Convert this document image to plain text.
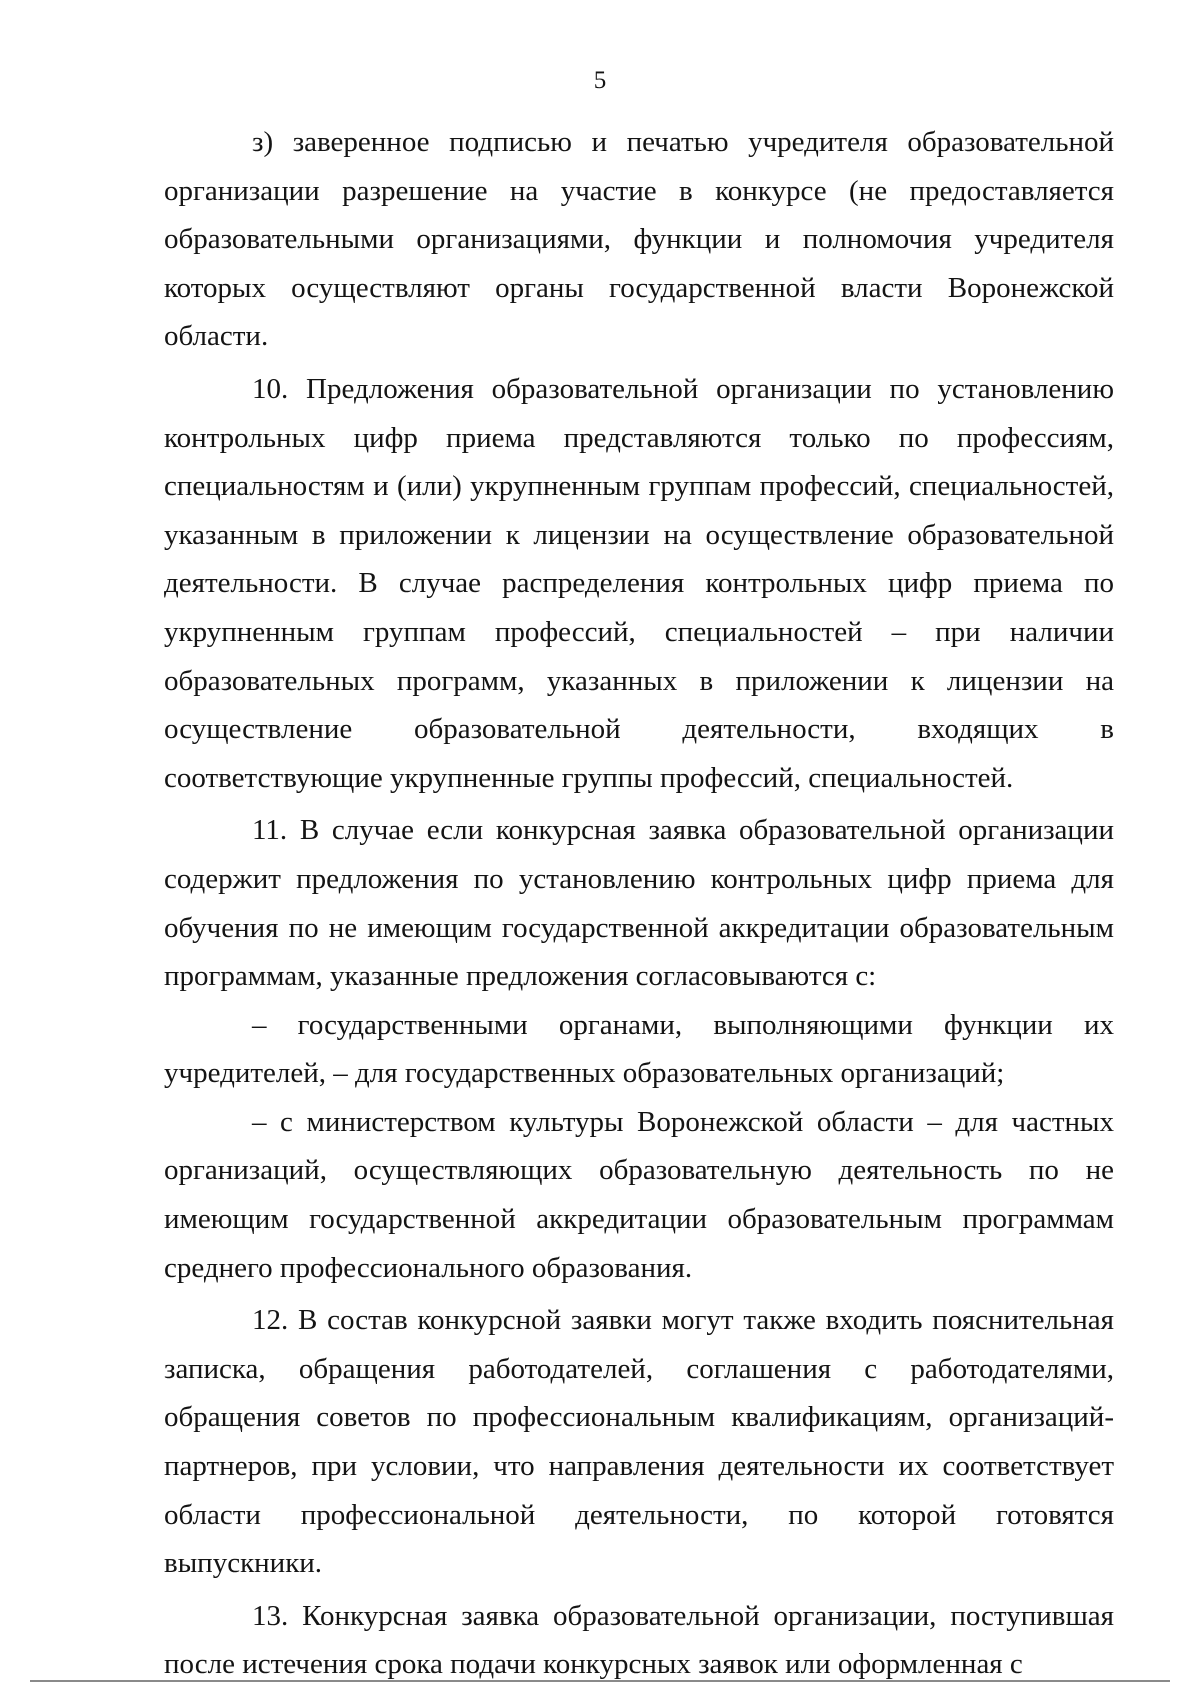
5

з) заверенное подписью и печатью учредителя образовательной организации разрешение на участие в конкурсе (не предоставляется образовательными организациями, функции и полномочия учредителя которых осуществляют органы государственной власти Воронежской области.

10. Предложения образовательной организации по установлению контрольных цифр приема представляются только по профессиям, специальностям и (или) укрупненным группам профессий, специальностей, указанным в приложении к лицензии на осуществление образовательной деятельности. В случае распределения контрольных цифр приема по укрупненным группам профессий, специальностей – при наличии образовательных программ, указанных в приложении к лицензии на осуществление образовательной деятельности, входящих в соответствующие укрупненные группы профессий, специальностей.

11. В случае если конкурсная заявка образовательной организации содержит предложения по установлению контрольных цифр приема для обучения по не имеющим государственной аккредитации образовательным программам, указанные предложения согласовываются с:

– государственными органами, выполняющими функции их учредителей, – для государственных образовательных организаций;

– с министерством культуры Воронежской области – для частных организаций, осуществляющих образовательную деятельность по не имеющим государственной аккредитации образовательным программам среднего профессионального образования.

12. В состав конкурсной заявки могут также входить пояснительная записка, обращения работодателей, соглашения с работодателями, обращения советов по профессиональным квалификациям, организаций-партнеров, при условии, что направления деятельности их соответствует области профессиональной деятельности, по которой готовятся выпускники.

13. Конкурсная заявка образовательной организации, поступившая после истечения срока подачи конкурсных заявок или оформленная с
